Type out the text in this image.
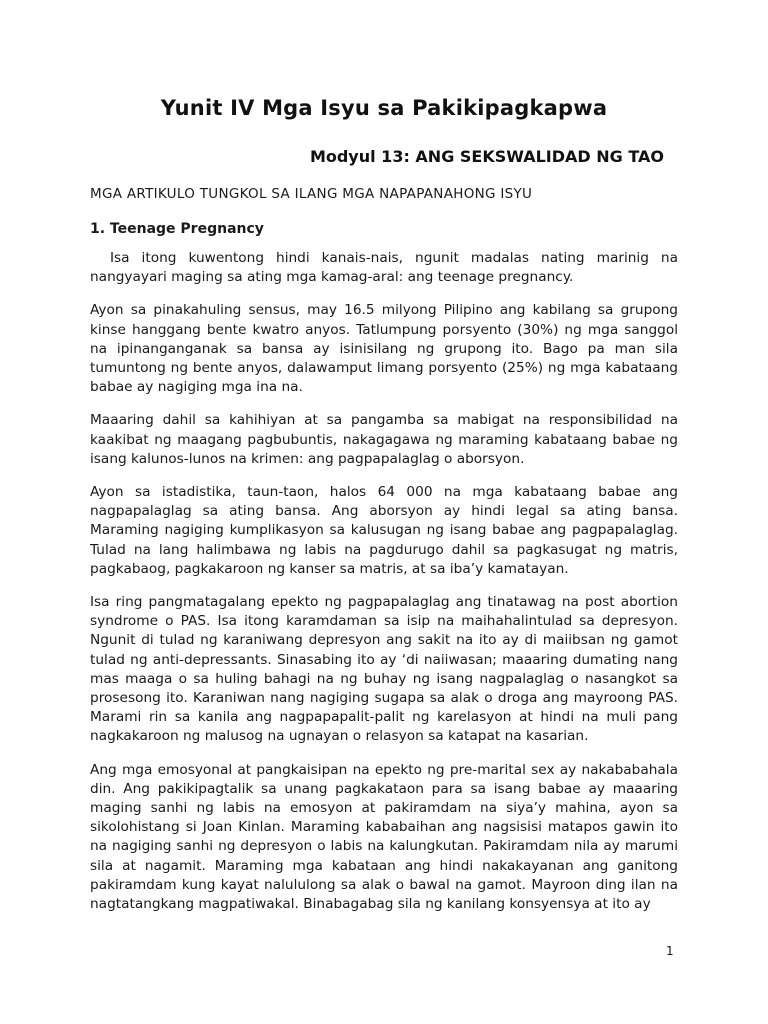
Yunit IV Mga Isyu sa Pakikipagkapwa
Modyul 13: ANG SEKSWALIDAD NG TAO
MGA ARTIKULO TUNGKOL SA ILANG MGA NAPAPANAHONG ISYU
1. Teenage Pregnancy

Isa itong kuwentong hindi kanais-nais, ngunit madalas nating marinig na nangyayari maging sa ating mga kamag-aral: ang teenage pregnancy.

Ayon sa pinakahuling sensus, may 16.5 milyong Pilipino ang kabilang sa grupong kinse hanggang bente kwatro anyos. Tatlumpung porsyento (30%) ng mga sanggol na ipinanganganak sa bansa ay isinisilang ng grupong ito. Bago pa man sila tumuntong ng bente anyos, dalawamput limang porsyento (25%) ng mga kabataang babae ay nagiging mga ina na.

Maaaring dahil sa kahihiyan at sa pangamba sa mabigat na responsibilidad na kaakibat ng maagang pagbubuntis, nakagagawa ng maraming kabataang babae ng isang kalunos-lunos na krimen: ang pagpapalaglag o aborsyon.

Ayon sa istadistika, taun-taon, halos 64 000 na mga kabataang babae ang nagpapalaglag sa ating bansa. Ang aborsyon ay hindi legal sa ating bansa. Maraming nagiging kumplikasyon sa kalusugan ng isang babae ang pagpapalaglag. Tulad na lang halimbawa ng labis na pagdurugo dahil sa pagkasugat ng matris, pagkabaog, pagkakaroon ng kanser sa matris, at sa iba’y kamatayan.

Isa ring pangmatagalang epekto ng pagpapalaglag ang tinatawag na post abortion syndrome o PAS. Isa itong karamdaman sa isip na maihahalintulad sa depresyon. Ngunit di tulad ng karaniwang depresyon ang sakit na ito ay di maiibsan ng gamot tulad ng anti-depressants. Sinasabing ito ay ‘di naiiwasan; maaaring dumating nang mas maaga o sa huling bahagi na ng buhay ng isang nagpalaglag o nasangkot sa prosesong ito. Karaniwan nang nagiging sugapa sa alak o droga ang mayroong PAS. Marami rin sa kanila ang nagpapapalit-palit ng karelasyon at hindi na muli pang nagkakaroon ng malusog na ugnayan o relasyon sa katapat na kasarian.

Ang mga emosyonal at pangkaisipan na epekto ng pre-marital sex ay nakababahala din. Ang pakikipagtalik sa unang pagkakataon para sa isang babae ay maaaring maging sanhi ng labis na emosyon at pakiramdam na siya’y mahina, ayon sa sikolohistang si Joan Kinlan. Maraming kababaihan ang nagsisisi matapos gawin ito na nagiging sanhi ng depresyon o labis na kalungkutan. Pakiramdam nila ay marumi sila at nagamit. Maraming mga kabataan ang hindi nakakayanan ang ganitong pakiramdam kung kayat nalululong sa alak o bawal na gamot. Mayroon ding ilan na nagtatangkang magpatiwakal. Binabagabag sila ng kanilang konsyensya at ito ay

1
